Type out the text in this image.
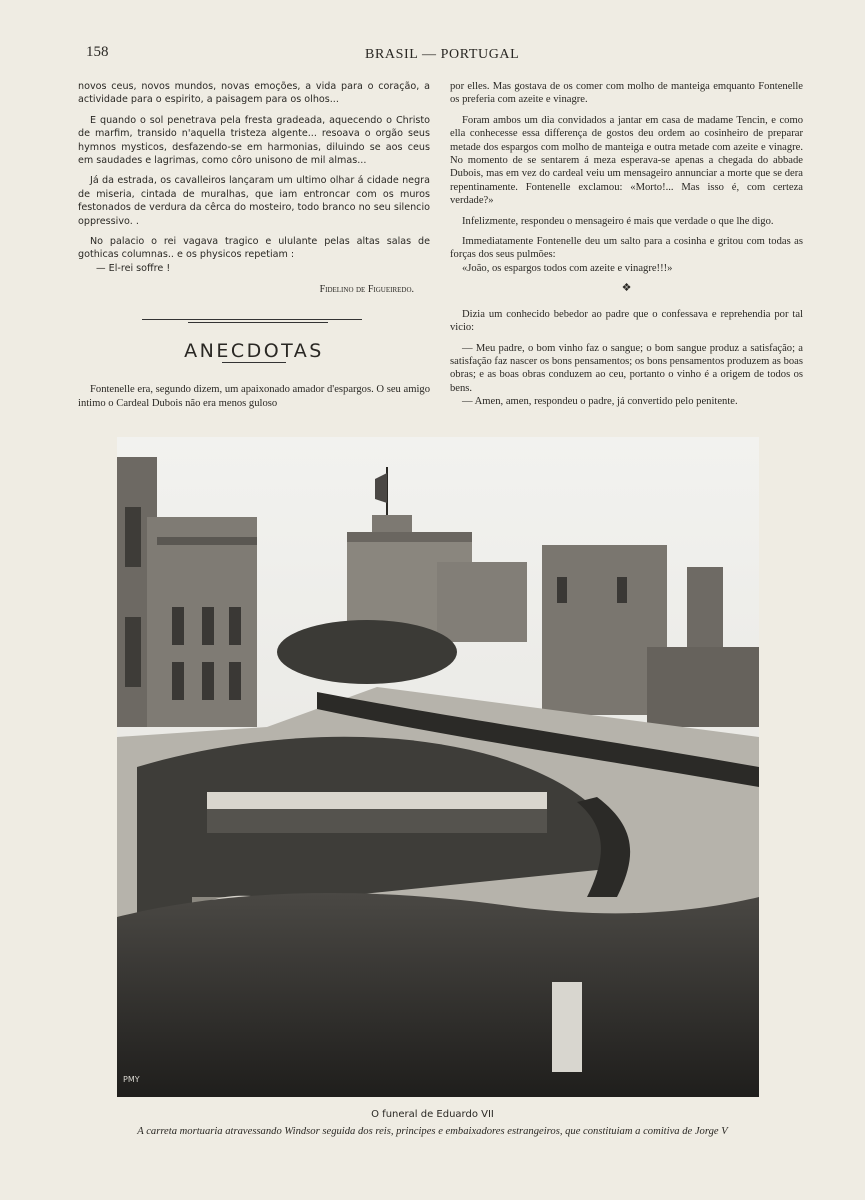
158	BRASIL — PORTUGAL

novos ceus, novos mundos, novas emoções, a vida para o coração, a actividade para o espirito, a paisagem para os olhos...

E quando o sol penetrava pela fresta gradeada, aquecendo o Christo de marfim, transido n'aquella tristeza algente... resoava o orgão seus hymnos mysticos, desfazendo-se em harmonias, diluindo se aos ceus em saudades e lagrimas, como côro unisono de mil almas...

Já da estrada, os cavalleiros lançaram um ultimo olhar á cidade negra de miseria, cintada de muralhas, que iam entroncar com os muros festonados de verdura da cêrca do mosteiro, todo branco no seu silencio oppressivo. .

No palacio o rei vagava tragico e ululante pelas altas salas de gothicas columnas.. e os physicos repetiam :

— El-rei soffre !

Fidelino de Figueiredo.
ANECDOTAS

Fontenelle era, segundo dizem, um apaixonado amador d'espargos. O seu amigo intimo o Cardeal Dubois não era menos guloso

por elles. Mas gostava de os comer com molho de manteiga emquanto Fontenelle os preferia com azeite e vinagre.

Foram ambos um dia convidados a jantar em casa de madame Tencin, e como ella conhecesse essa differença de gostos deu ordem ao cosinheiro de preparar metade dos espargos com molho de manteiga e outra metade com azeite e vinagre. No momento de se sentarem á meza esperava-se apenas a chegada do abbade Dubois, mas em vez do cardeal veiu um mensageiro annunciar a morte que se dera repentinamente. Fontenelle exclamou: «Morto!... Mas isso é, com certeza verdade?»

Infelizmente, respondeu o mensageiro é mais que verdade o que lhe digo.

Immediatamente Fontenelle deu um salto para a cosinha e gritou com todas as forças dos seus pulmões:

«João, os espargos todos com azeite e vinagre!!!»

❖

Dizia um conhecido bebedor ao padre que o confessava e reprehendia por tal vicio:

— Meu padre, o bom vinho faz o sangue; o bom sangue produz a satisfação; a satisfação faz nascer os bons pensamentos; os bons pensamentos produzem as boas obras; e as boas obras conduzem ao ceu, portanto o vinho é a origem de todos os bens.

— Amen, amen, respondeu o padre, já convertido pelo penitente.

PMY
O funeral de Eduardo VII
A carreta mortuaria atravessando Windsor seguida dos reis, principes e embaixadores estrangeiros, que constituiam a comitiva de Jorge V
